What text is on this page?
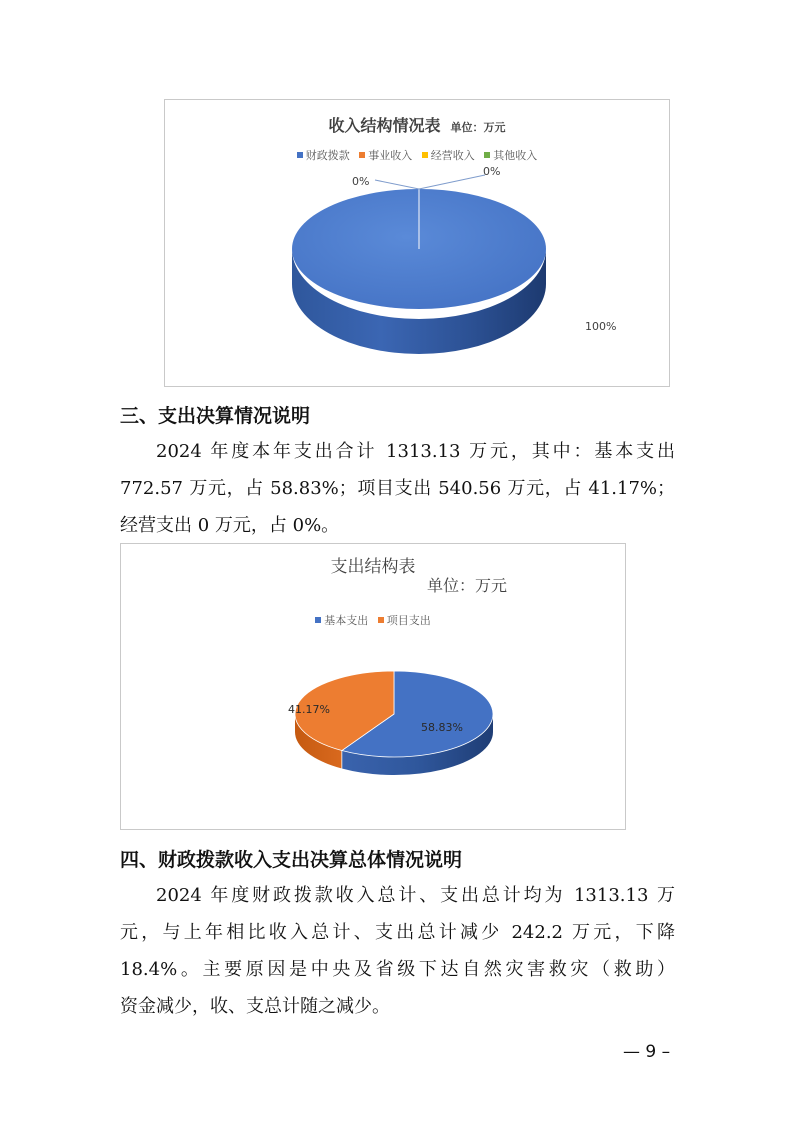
收入结构情况表 单位：万元
财政拨款 事业收入 经营收入 其他收入
0%
0%
100%
三、支出决算情况说明
2024 年度本年支出合计 1313.13 万元，其中：基本支出
772.57 万元，占 58.83%；项目支出 540.56 万元，占 41.17%；
经营支出 0 万元，占 0%。
支出结构表
单位：万元
基本支出 项目支出
58.83%
41.17%
四、财政拨款收入支出决算总体情况说明
2024 年度财政拨款收入总计、支出总计均为 1313.13 万
元，与上年相比收入总计、支出总计减少 242.2 万元，下降
18.4%。主要原因是中央及省级下达自然灾害救灾（救助）
资金减少，收、支总计随之减少。
— 9 –
